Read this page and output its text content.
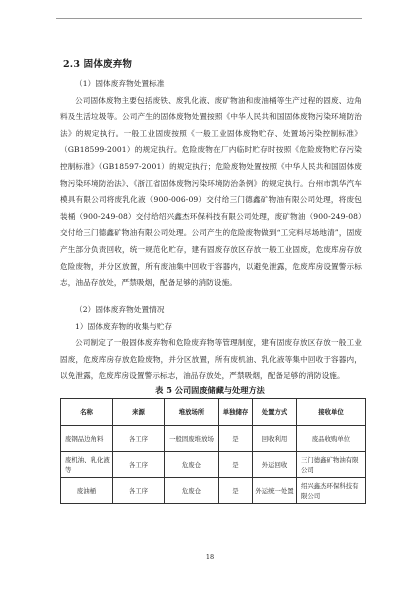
2.3 固体废弃物

（1）固体废弃物处置标准

公司固体废物主要包括废铁、废乳化液、废矿物油和废油桶等生产过程的固废、边角料及生活垃圾等。公司产生的固体废物处置按照《中华人民共和国固体废物污染环境防治法》的规定执行。一般工业固废按照《一般工业固体废物贮存、处置场污染控制标准》（GB18599-2001）的规定执行。危险废物在厂内临时贮存时按照《危险废物贮存污染控制标准》（GB18597-2001）的规定执行；危险废物处置按照《中华人民共和国固体废物污染环境防治法》、《浙江省固体废物污染环境防治条例》的规定执行。台州市凯华汽车模具有限公司将废乳化液（900-006-09）交付给三门德鑫矿物油有限公司处理，将废包装桶（900-249-08）交付给绍兴鑫杰环保科技有限公司处理，废矿物油（900-249-08）交付给三门德鑫矿物油有限公司处理。公司产生的危险废物做到“工完料尽场地清”，固废产生部分负责回收，统一规范化贮存，建有固废存放区存放一般工业固废，危废库房存放危险废物，并分区放置，所有废油集中回收于容器内，以避免泄露，危废库房设置警示标志，油品存放处，严禁吸烟，配备足够的消防设施。

（2）固体废弃物处置情况

1）固体废弃物的收集与贮存

公司制定了一般固体废弃物和危险废弃物等管理制度，建有固废存放区存放一般工业固废，危废库房存放危险废物，并分区放置，所有废机油、乳化液等集中回收于容器内，以免泄露，危废库房设置警示标志，油品存放处，严禁吸烟，配备足够的消防设施。

表 5 公司固废储藏与处理方法
名称	来源	堆放场所	单独储存	处置方式	接收单位
废钢品边角料	各工序	一般固废堆放场	是	回收利用	废品收购单位
废机油、乳化液等	各工序	危废仓	是	外运回收	三门德鑫矿物油有限公司
废油桶	各工序	危废仓	是	外运统一处置	绍兴鑫杰环保科技有限公司
18
